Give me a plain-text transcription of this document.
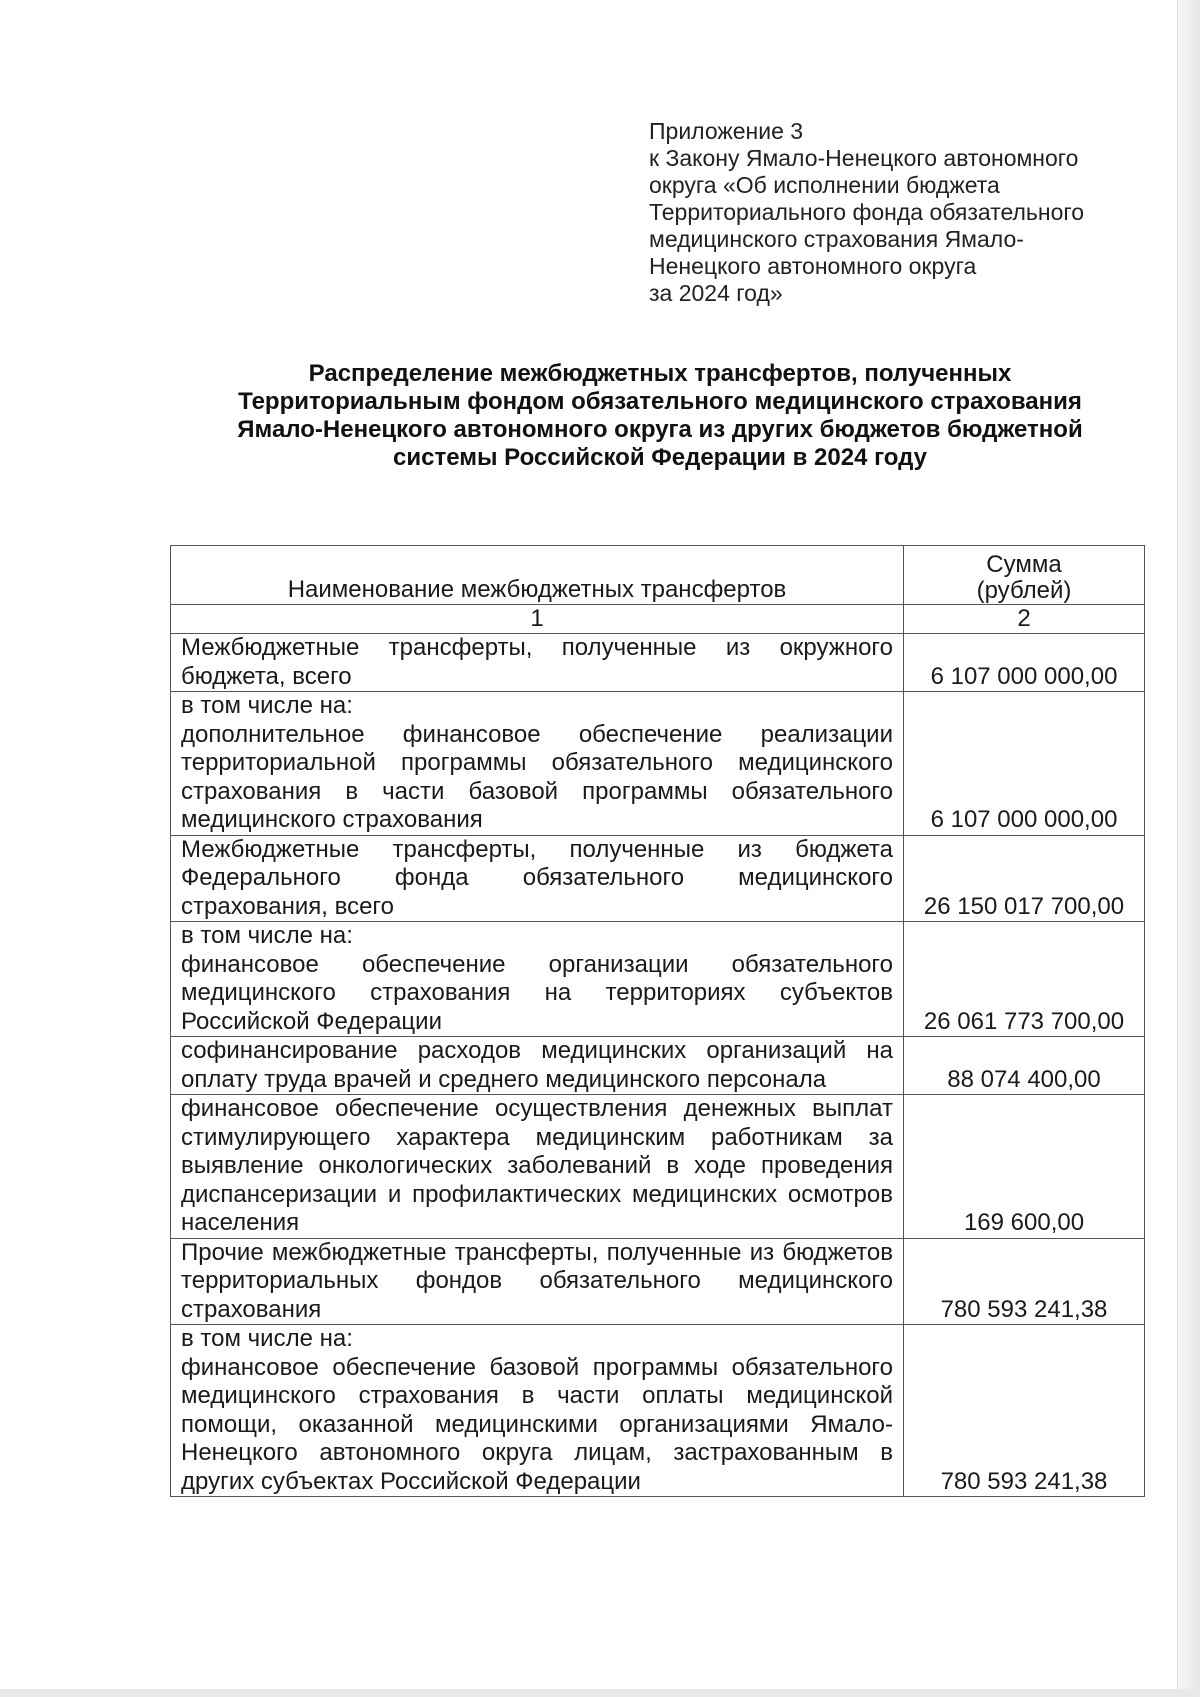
Приложение 3
к Закону Ямало-Ненецкого автономного
округа «Об исполнении бюджета
Территориального фонда обязательного
медицинского страхования Ямало-
Ненецкого автономного округа
за 2024 год»
Распределение межбюджетных трансфертов, полученных
Территориальным фондом обязательного медицинского страхования
Ямало-Ненецкого автономного округа из других бюджетов бюджетной
системы Российской Федерации в 2024 году
Наименование межбюджетных трансфертов	Сумма
(рублей)

1	2
Межбюджетные трансферты, полученные из окружного бюджета, всего	6 107 000 000,00

в том числе на:
дополнительное финансовое обеспечение реализации территориальной программы обязательного медицинского страхования в части базовой программы обязательного медицинского страхования	6 107 000 000,00
Межбюджетные трансферты, полученные из бюджета Федерального фонда обязательного медицинского страхования, всего	26 150 017 700,00

в том числе на:
финансовое обеспечение организации обязательного медицинского страхования на территориях субъектов Российской Федерации	26 061 773 700,00
софинансирование расходов медицинских организаций на оплату труда врачей и среднего медицинского персонала	88 074 400,00
финансовое обеспечение осуществления денежных выплат стимулирующего характера медицинским работникам за выявление онкологических заболеваний в ходе проведения диспансеризации и профилактических медицинских осмотров населения	169 600,00
Прочие межбюджетные трансферты, полученные из бюджетов территориальных фондов обязательного медицинского страхования	780 593 241,38

в том числе на:
финансовое обеспечение базовой программы обязательного медицинского страхования в части оплаты медицинской помощи, оказанной медицинскими организациями Ямало-Ненецкого автономного округа лицам, застрахованным в других субъектах Российской Федерации	780 593 241,38
